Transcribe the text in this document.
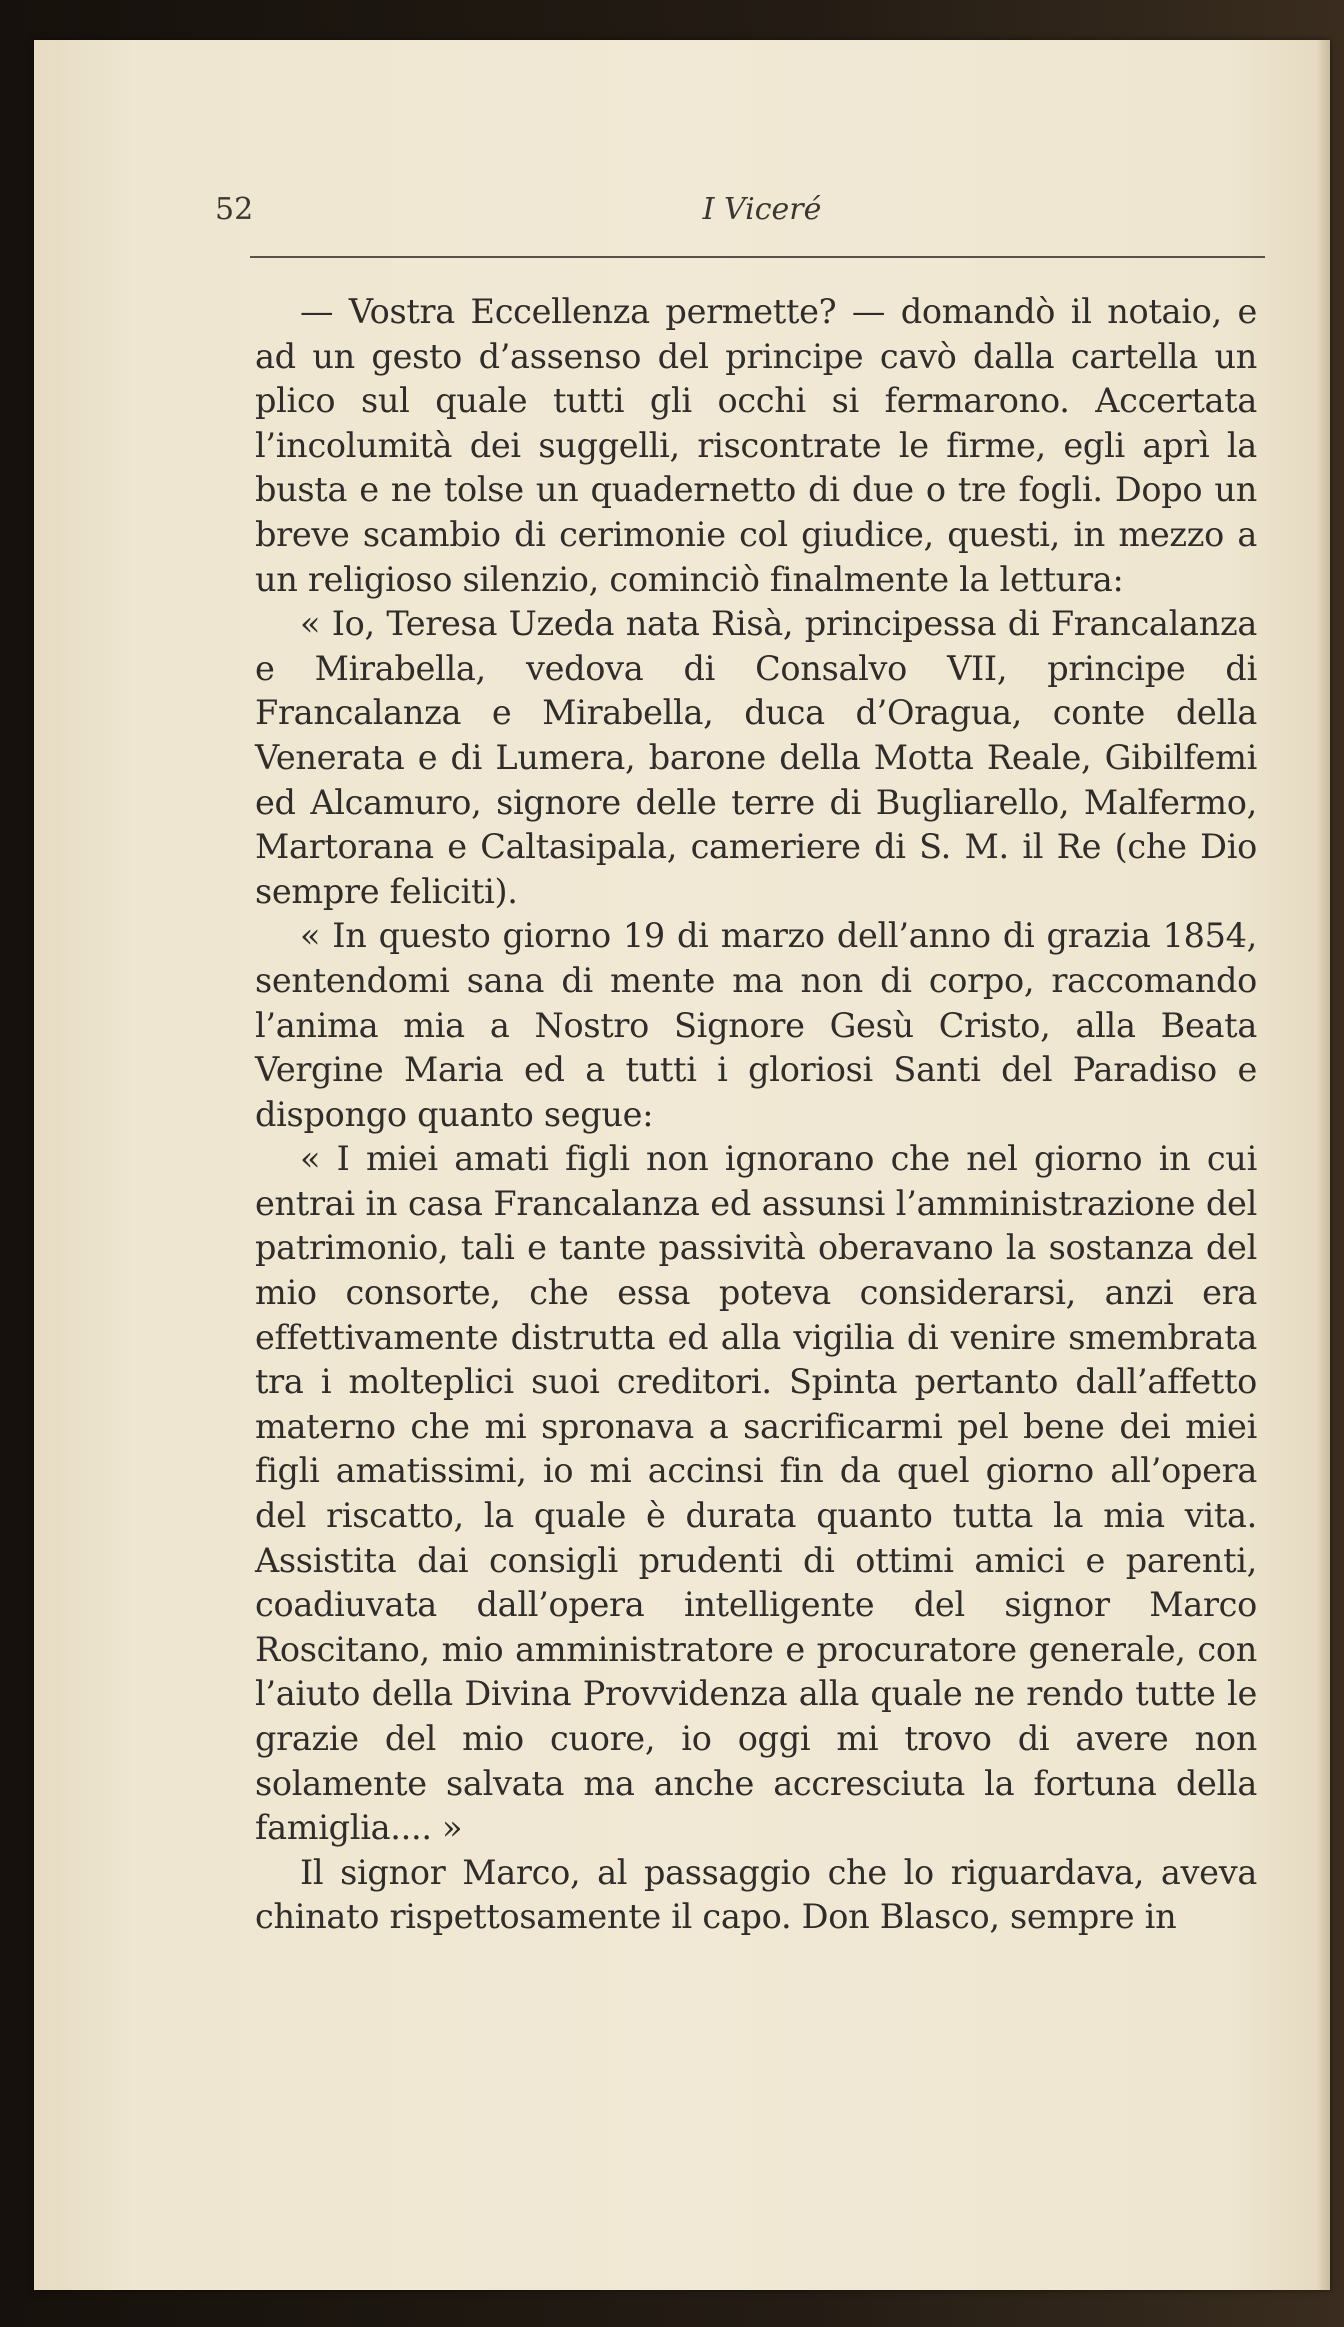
52	I Viceré

— Vostra Eccellenza permette? — domandò il notaio, e ad un gesto d’assenso del principe cavò dalla cartella un plico sul quale tutti gli occhi si fermarono. Accertata l’incolumità dei suggelli, riscontrate le firme, egli aprì la busta e ne tolse un quadernetto di due o tre fogli. Dopo un breve scambio di cerimonie col giudice, questi, in mezzo a un religioso silenzio, cominciò finalmente la lettura:

« Io, Teresa Uzeda nata Risà, principessa di Francalanza e Mirabella, vedova di Consalvo VII, principe di Francalanza e Mirabella, duca d’Oragua, conte della Venerata e di Lumera, barone della Motta Reale, Gibilfemi ed Alcamuro, signore delle terre di Bugliarello, Malfermo, Martorana e Caltasipala, cameriere di S. M. il Re (che Dio sempre feliciti).

« In questo giorno 19 di marzo dell’anno di grazia 1854, sentendomi sana di mente ma non di corpo, raccomando l’anima mia a Nostro Signore Gesù Cristo, alla Beata Vergine Maria ed a tutti i gloriosi Santi del Paradiso e dispongo quanto segue:

« I miei amati figli non ignorano che nel giorno in cui entrai in casa Francalanza ed assunsi l’amministrazione del patrimonio, tali e tante passività oberavano la sostanza del mio consorte, che essa poteva considerarsi, anzi era effettivamente distrutta ed alla vigilia di venire smembrata tra i molteplici suoi creditori. Spinta pertanto dall’affetto materno che mi spronava a sacrificarmi pel bene dei miei figli amatissimi, io mi accinsi fin da quel giorno all’opera del riscatto, la quale è durata quanto tutta la mia vita. Assistita dai consigli prudenti di ottimi amici e parenti, coadiuvata dall’opera intelligente del signor Marco Roscitano, mio amministratore e procuratore generale, con l’aiuto della Divina Provvidenza alla quale ne rendo tutte le grazie del mio cuore, io oggi mi trovo di avere non solamente salvata ma anche accresciuta la fortuna della famiglia.... »

Il signor Marco, al passaggio che lo riguardava, aveva chinato rispettosamente il capo. Don Blasco, sempre in
